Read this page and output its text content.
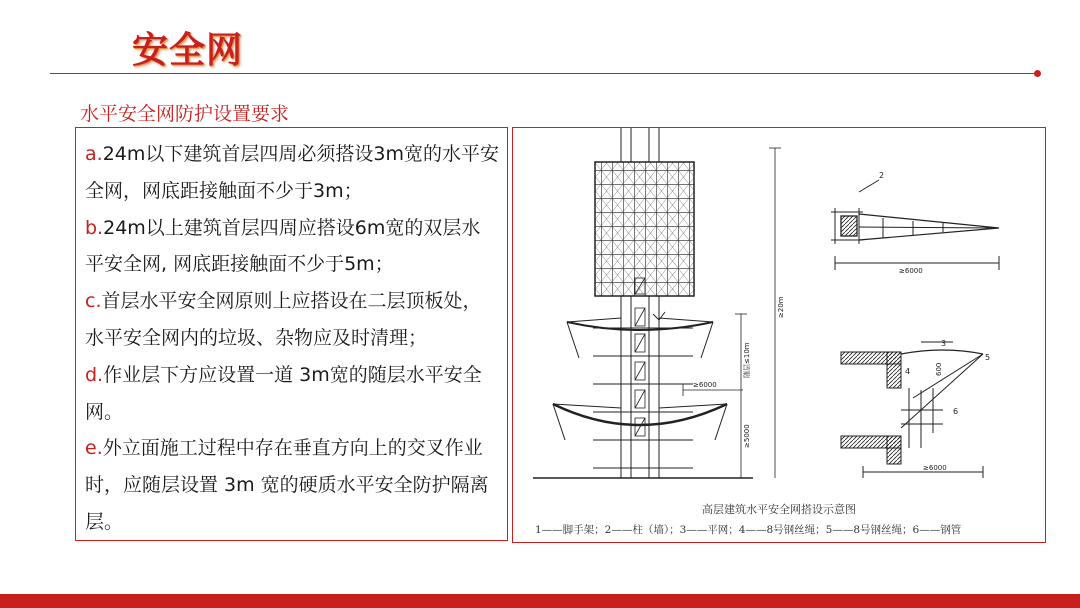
安全网
水平安全网防护设置要求

a.24m以下建筑首层四周必须搭设3m宽的水平安全网，网底距接触面不少于3m；

b.24m以上建筑首层四周应搭设6m宽的双层水平安全网, 网底距接触面不少于5m；

c.首层水平安全网原则上应搭设在二层顶板处，水平安全网内的垃圾、杂物应及时清理；

d.作业层下方应设置一道 3m宽的随层水平安全网。

e.外立面施工过程中存在垂直方向上的交叉作业时，应随层设置 3m 宽的硬质水平安全防护隔离层。

≥20m
随层≤10m
≥6000
≥5000
2
≥6000
3
5
4
6
600
≥6000
高层建筑水平安全网搭设示意图
1——脚手架；2——柱（墙）；3——平网；4——8号钢丝绳；5——8号钢丝绳；6——钢管
